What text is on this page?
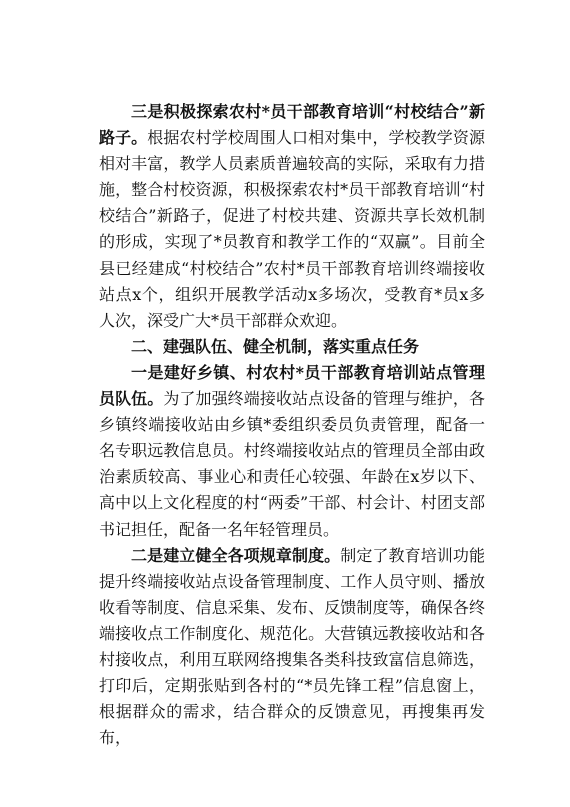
三是积极探索农村*员干部教育培训“村校结合”新路子。根据农村学校周围人口相对集中，学校教学资源相对丰富，教学人员素质普遍较高的实际，采取有力措施，整合村校资源，积极探索农村*员干部教育培训“村校结合”新路子，促进了村校共建、资源共享长效机制的形成，实现了*员教育和教学工作的“双赢”。目前全县已经建成“村校结合”农村*员干部教育培训终端接收站点x个，组织开展教学活动x多场次，受教育*员x多人次，深受广大*员干部群众欢迎。

二、建强队伍、健全机制，落实重点任务

一是建好乡镇、村农村*员干部教育培训站点管理员队伍。为了加强终端接收站点设备的管理与维护，各乡镇终端接收站由乡镇*委组织委员负责管理，配备一名专职远教信息员。村终端接收站点的管理员全部由政治素质较高、事业心和责任心较强、年龄在x岁以下、高中以上文化程度的村“两委”干部、村会计、村团支部书记担任，配备一名年轻管理员。

二是建立健全各项规章制度。制定了教育培训功能提升终端接收站点设备管理制度、工作人员守则、播放收看等制度、信息采集、发布、反馈制度等，确保各终端接收点工作制度化、规范化。大营镇远教接收站和各村接收点，利用互联网络搜集各类科技致富信息筛选，打印后，定期张贴到各村的“*员先锋工程”信息窗上，根据群众的需求，结合群众的反馈意见，再搜集再发布，
